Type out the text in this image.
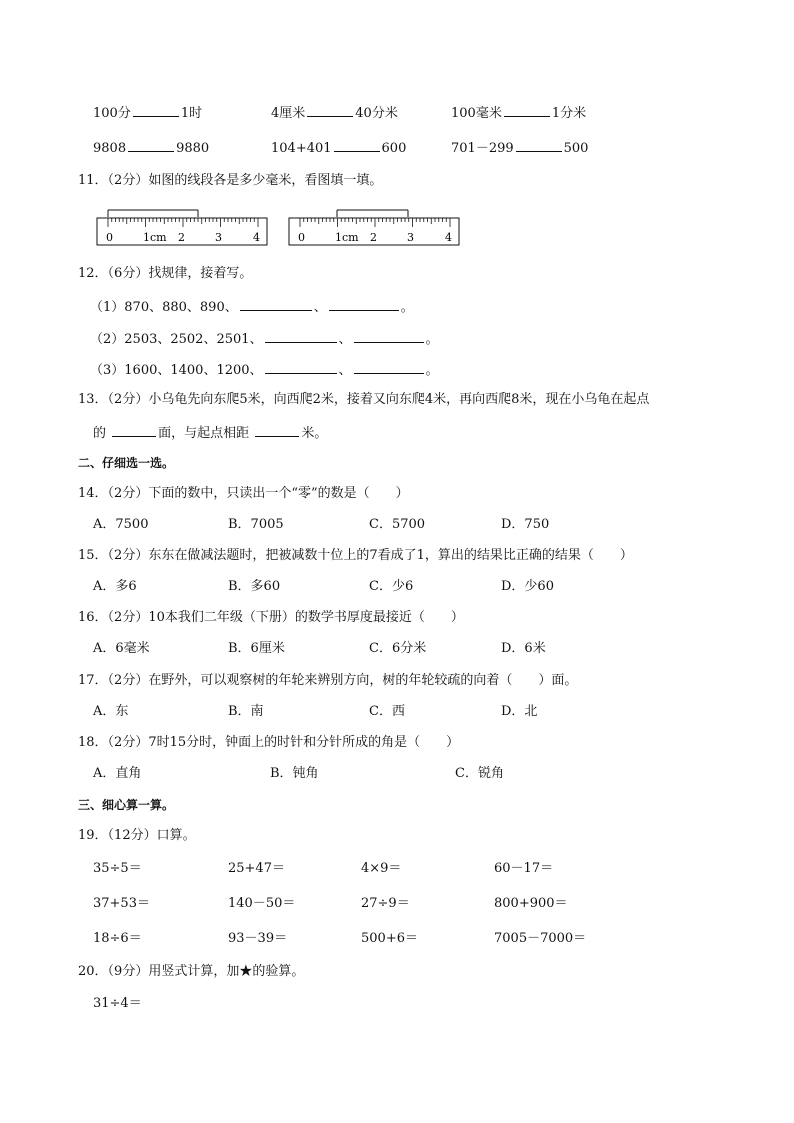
100分	1时	4厘米	40分米	100毫米	1分米
9808	9880	104+401	600	701－299	500
11．（2分）如图的线段各是多少毫米，看图填一填。
0	1cm 2	3	4	0	1cm 2	3	4
12．（6分）找规律，接着写。
（1）870、880、890、	、	。
（2）2503、2502、2501、	、	。
（3）1600、1400、1200、	、	。
13．（2分）小乌龟先向东爬5米，向西爬2米，接着又向东爬4米，再向西爬8米，现在小乌龟在起点
的	面，与起点相距	米。
二、仔细选一选。
14．（2分）下面的数中，只读出一个“零”的数是（　　）
A．7500	B．7005	C．5700	D．750
15．（2分）东东在做减法题时，把被减数十位上的7看成了1，算出的结果比正确的结果（　　）
A．多6	B．多60	C．少6	D．少60
16．（2分）10本我们二年级（下册）的数学书厚度最接近（　　）
A．6毫米	B．6厘米	C．6分米	D．6米
17．（2分）在野外，可以观察树的年轮来辨别方向，树的年轮较疏的向着（　　）面。
A．东	B．南	C．西	D．北
18．（2分）7时15分时，钟面上的时针和分针所成的角是（　　）
A．直角	B．钝角	C．锐角
三、细心算一算。
19．（12分）口算。
35÷5＝	25+47＝	4×9＝	60－17＝
37+53＝	140－50＝	27÷9＝	800+900＝
18÷6＝	93－39＝	500+6＝	7005－7000＝
20．（9分）用竖式计算，加★的验算。
31÷4＝
